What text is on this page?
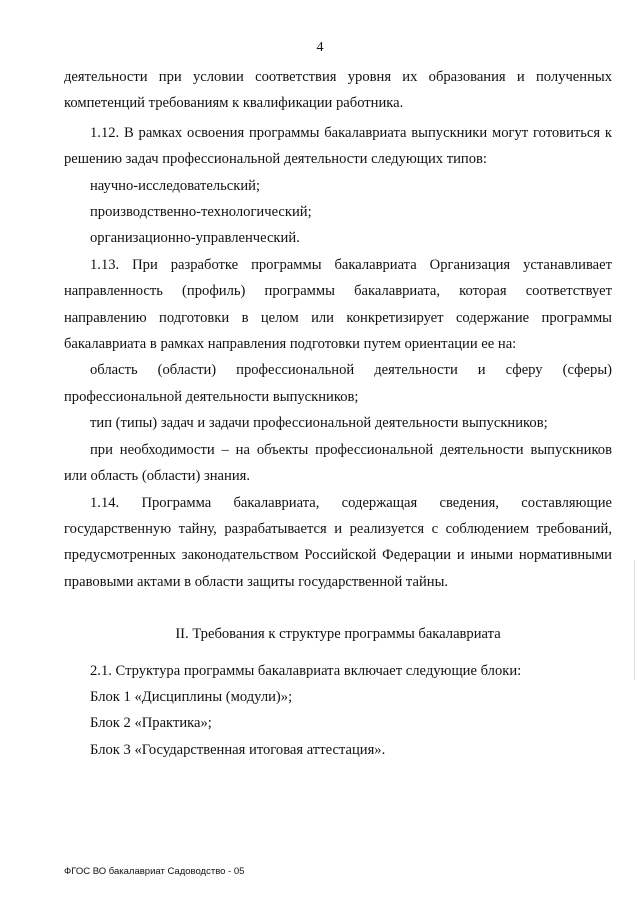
4

деятельности при условии соответствия уровня их образования и полученных компетенций требованиям к квалификации работника.

1.12. В рамках освоения программы бакалавриата выпускники могут готовиться к решению задач профессиональной деятельности следующих типов:

научно-исследовательский;

производственно-технологический;

организационно-управленческий.

1.13. При разработке программы бакалавриата Организация устанавливает направленность (профиль) программы бакалавриата, которая соответствует направлению подготовки в целом или конкретизирует содержание программы бакалавриата в рамках направления подготовки путем ориентации ее на:

область (области) профессиональной деятельности и сферу (сферы) профессиональной деятельности выпускников;

тип (типы) задач и задачи профессиональной деятельности выпускников;

при необходимости – на объекты профессиональной деятельности выпускников или область (области) знания.

1.14. Программа бакалавриата, содержащая сведения, составляющие государственную тайну, разрабатывается и реализуется с соблюдением требований, предусмотренных законодательством Российской Федерации и иными нормативными правовыми актами в области защиты государственной тайны.

II. Требования к структуре программы бакалавриата

2.1. Структура программы бакалавриата включает следующие блоки:

Блок 1 «Дисциплины (модули)»;

Блок 2 «Практика»;

Блок 3 «Государственная итоговая аттестация».

ФГОС ВО бакалавриат Садоводство - 05
